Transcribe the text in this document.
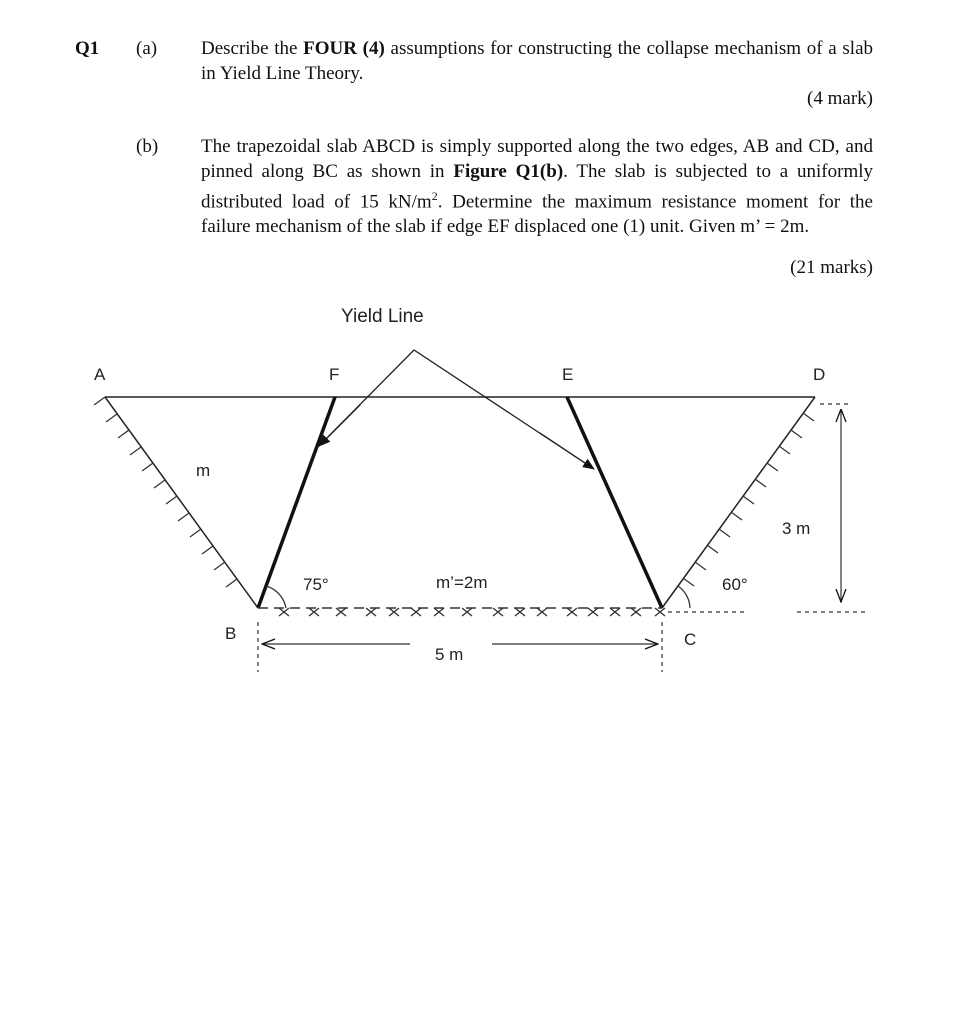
Q1 (a) Describe the FOUR (4) assumptions for constructing the collapse mechanism of a slab in Yield Line Theory.
(4 mark)
(b) The trapezoidal slab ABCD is simply supported along the two edges, AB and CD, and pinned along BC as shown in Figure Q1(b). The slab is subjected to a uniformly distributed load of 15 $kN/m^2$. Determine the maximum resistance moment for the failure mechanism of the slab if edge EF displaced one (1) unit. Given m’ = 2m.
(21 marks)
A	F	E	D
B	C
Yield Line
m
m’=2m
75°	60°
3 m
5 m
